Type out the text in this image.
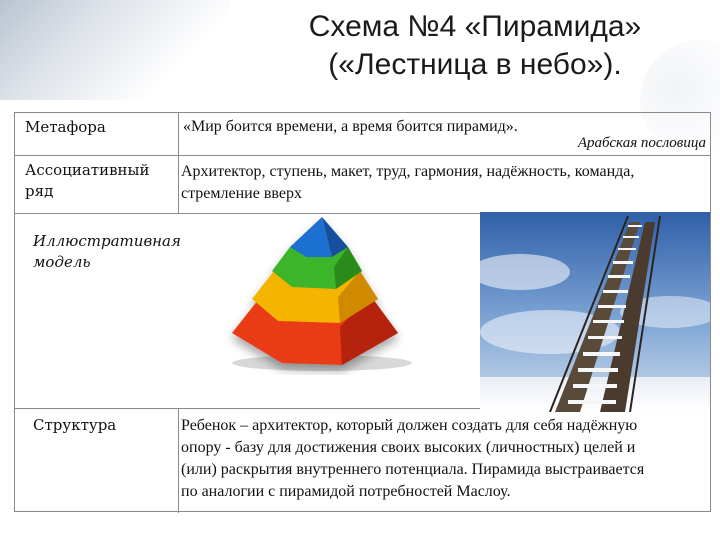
Схема №4 «Пирамида»
(«Лестница в небо»).
Метафора	«Мир боится времени, а время боится пирамид».
Арабская пословица
Ассоциативный
ряд
Архитектор, ступень, макет, труд, гармония, надёжность, команда,
стремление вверх
Иллюстративная
модель
Структура	Ребенок – архитектор, который должен создать для себя надёжную
опору - базу для достижения своих высоких (личностных) целей и
(или) раскрытия внутреннего потенциала. Пирамида выстраивается
по аналогии с пирамидой потребностей Маслоу.
